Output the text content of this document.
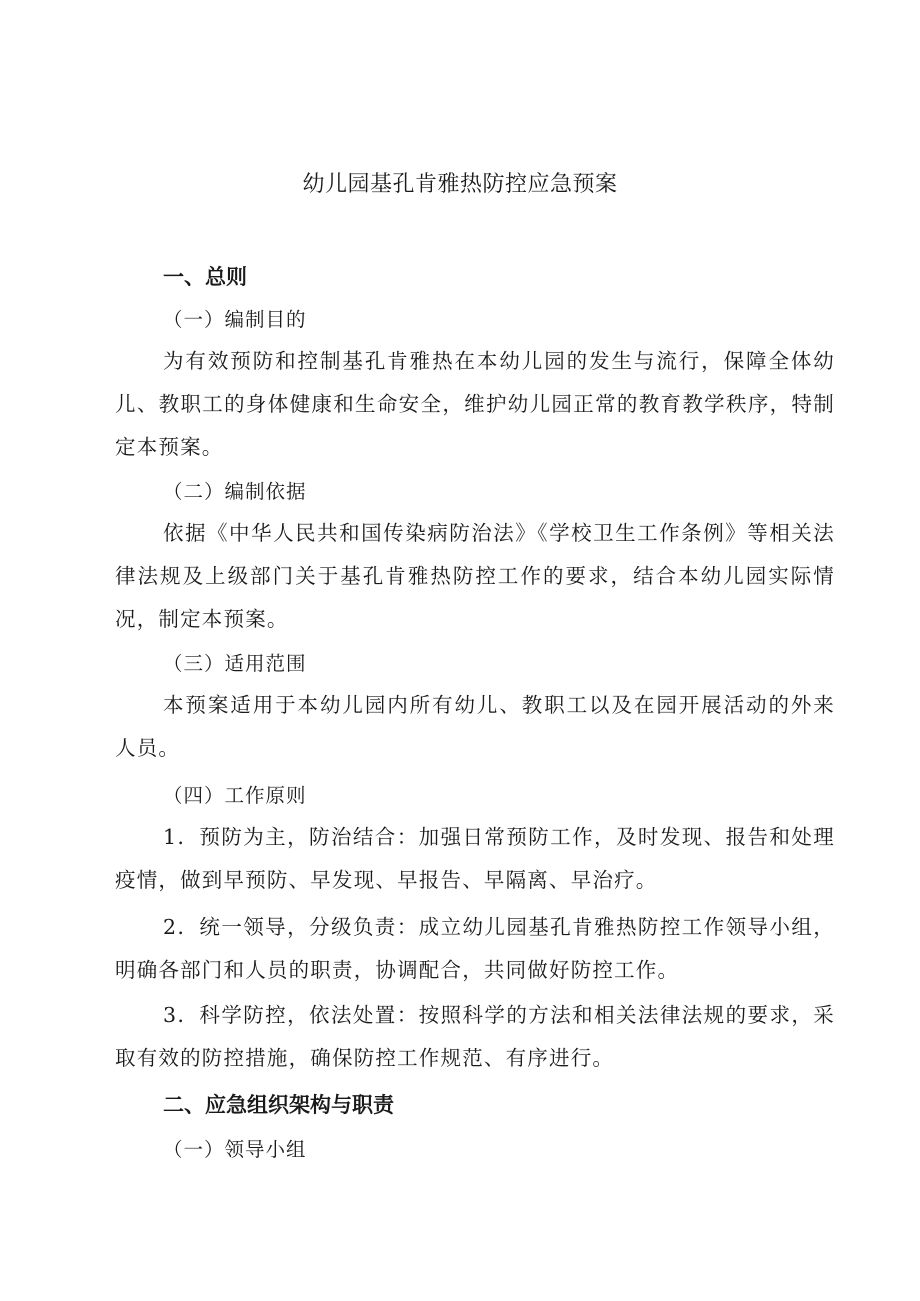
幼儿园基孔肯雅热防控应急预案
一、总则
（一）编制目的

为有效预防和控制基孔肯雅热在本幼儿园的发生与流行，保障全体幼儿、教职工的身体健康和生命安全，维护幼儿园正常的教育教学秩序，特制定本预案。

（二）编制依据

依据《中华人民共和国传染病防治法》《学校卫生工作条例》等相关法律法规及上级部门关于基孔肯雅热防控工作的要求，结合本幼儿园实际情况，制定本预案。

（三）适用范围

本预案适用于本幼儿园内所有幼儿、教职工以及在园开展活动的外来人员。

（四）工作原则

1．预防为主，防治结合：加强日常预防工作，及时发现、报告和处理疫情，做到早预防、早发现、早报告、早隔离、早治疗。

2．统一领导，分级负责：成立幼儿园基孔肯雅热防控工作领导小组，明确各部门和人员的职责，协调配合，共同做好防控工作。

3．科学防控，依法处置：按照科学的方法和相关法律法规的要求，采取有效的防控措施，确保防控工作规范、有序进行。

二、应急组织架构与职责
（一）领导小组
